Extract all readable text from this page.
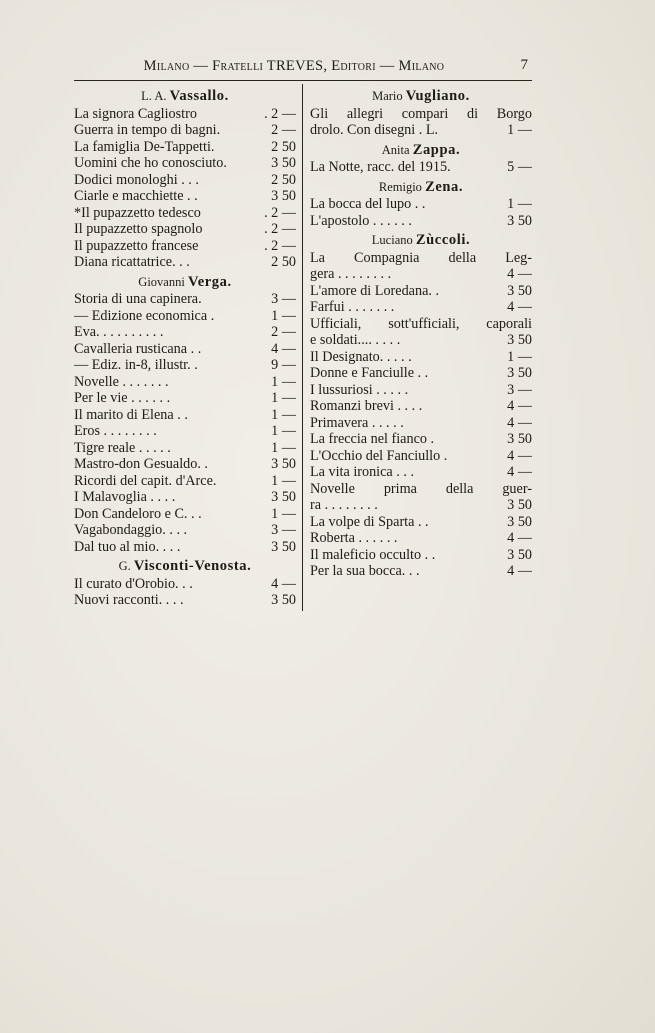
Milano — Fratelli TREVES, Editori — Milano	7
L. A. Vassallo.
La signora Cagliostro	. 2 —
Guerra in tempo di bagni.	2 —
La famiglia De-Tappetti.	2 50
Uomini che ho conosciuto.	3 50
Dodici monologhi . . .	2 50
Ciarle e macchiette . .	3 50
*Il pupazzetto tedesco	. 2 —
Il pupazzetto spagnolo	. 2 —
Il pupazzetto francese	. 2 —
Diana ricattatrice. . .	2 50
Giovanni Verga.
Storia di una capinera.	3 —
— Edizione economica .	1 —
Eva. . . . . . . . . .	2 —
Cavalleria rusticana . .	4 —
— Ediz. in-8, illustr. .	9 —
Novelle . . . . . . .	1 —
Per le vie . . . . . .	1 —
Il marito di Elena . .	1 —
Eros . . . . . . . .	1 —
Tigre reale . . . . .	1 —
Mastro-don Gesualdo. .	3 50
Ricordi del capit. d'Arce.	1 —
I Malavoglia . . . .	3 50
Don Candeloro e C. . .	1 —
Vagabondaggio. . . .	3 —
Dal tuo al mio. . . .	3 50
G. Visconti-Venosta.
Il curato d'Orobio. . .	4 —
Nuovi racconti. . . .	3 50
Mario Vugliano.
Gli allegri compari di Borgo
drolo. Con disegni . L.	1 —
Anita Zappa.
La Notte, racc. del 1915.	5 —
Remigio Zena.
La bocca del lupo . .	1 —
L'apostolo . . . . . .	3 50
Luciano Zùccoli.
La Compagnia della Leg-
gera . . . . . . . .	4 —
L'amore di Loredana. .	3 50
Farfui . . . . . . .	4 —
Ufficiali, sott'ufficiali, caporali
e soldati.... . . . .	3 50
Il Designato. . . . .	1 —
Donne e Fanciulle . .	3 50
I lussuriosi . . . . .	3 —
Romanzi brevi . . . .	4 —
Primavera . . . . .	4 —
La freccia nel fianco .	3 50
L'Occhio del Fanciullo .	4 —
La vita ironica . . .	4 —
Novelle prima della guer-
ra . . . . . . . .	3 50
La volpe di Sparta . .	3 50
Roberta . . . . . .	4 —
Il maleficio occulto . .	3 50
Per la sua bocca. . .	4 —
